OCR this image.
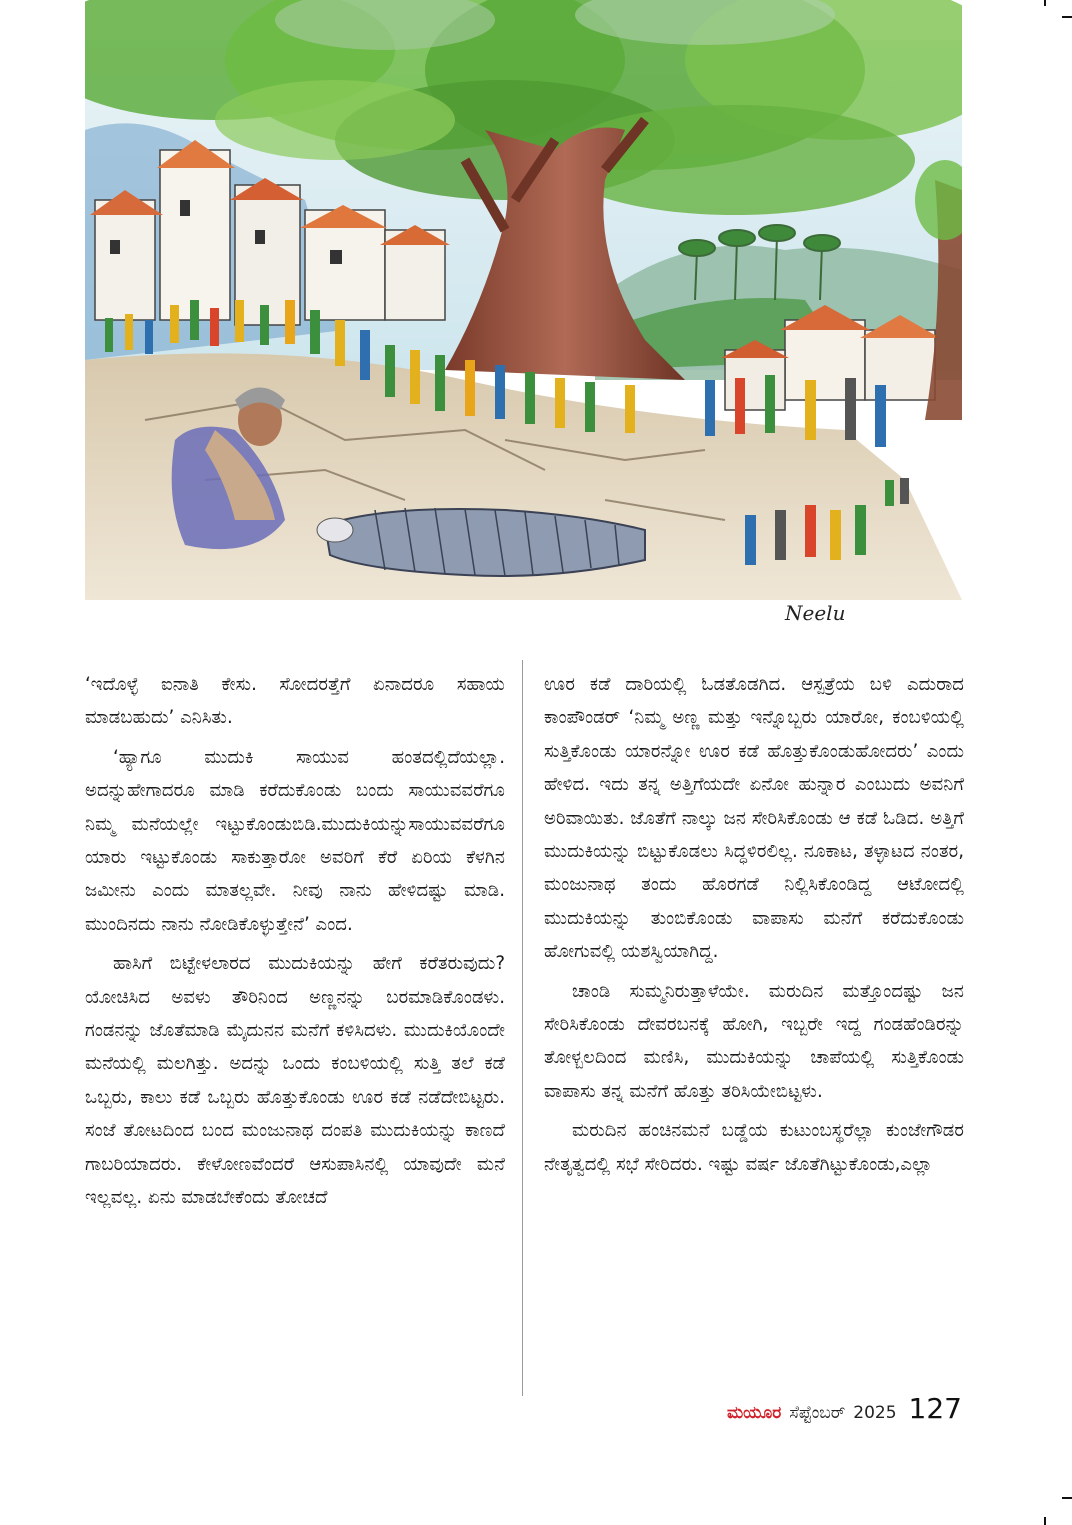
Neelu

‘ಇದೊಳ್ಳೆ ಐನಾತಿ ಕೇಸು. ಸೋದರತ್ತೆಗೆ ಏನಾದರೂ ಸಹಾಯ ಮಾಡಬಹುದು’ ಎನಿಸಿತು.

‘ಹ್ಯಾಗೂ ಮುದುಕಿ ಸಾಯುವ ಹಂತದಲ್ಲಿದೆಯಲ್ಲಾ. ಅದನ್ನುಹೇಗಾದರೂ ಮಾಡಿ ಕರೆದುಕೊಂಡು ಬಂದು ಸಾಯುವವರೆಗೂ ನಿಮ್ಮ ಮನೆಯಲ್ಲೇ ಇಟ್ಟುಕೊಂಡುಬಿಡಿ.ಮುದುಕಿಯನ್ನುಸಾಯುವವರೆಗೂ ಯಾರು ಇಟ್ಟುಕೊಂಡು ಸಾಕುತ್ತಾರೋ ಅವರಿಗೆ ಕೆರೆ ಏರಿಯ ಕೆಳಗಿನ ಜಮೀನು ಎಂದು ಮಾತಲ್ಲವೇ. ನೀವು ನಾನು ಹೇಳಿದಷ್ಟು ಮಾಡಿ. ಮುಂದಿನದು ನಾನು ನೋಡಿಕೊಳ್ಳುತ್ತೇನೆ’ ಎಂದ.

ಹಾಸಿಗೆ ಬಿಟ್ಟೇಳಲಾರದ ಮುದುಕಿಯನ್ನು ಹೇಗೆ ಕರೆತರುವುದು? ಯೋಚಿಸಿದ ಅವಳು ತೌರಿನಿಂದ ಅಣ್ಣನನ್ನು ಬರಮಾಡಿಕೊಂಡಳು. ಗಂಡನನ್ನು ಜೊತೆಮಾಡಿ ಮೈದುನನ ಮನೆಗೆ ಕಳಿಸಿದಳು. ಮುದುಕಿಯೊಂದೇ ಮನೆಯಲ್ಲಿ ಮಲಗಿತ್ತು. ಅದನ್ನು ಒಂದು ಕಂಬಳಿಯಲ್ಲಿ ಸುತ್ತಿ ತಲೆ ಕಡೆ ಒಬ್ಬರು, ಕಾಲು ಕಡೆ ಒಬ್ಬರು ಹೊತ್ತುಕೊಂಡು ಊರ ಕಡೆ ನಡೆದೇಬಿಟ್ಟರು. ಸಂಜೆ ತೋಟದಿಂದ ಬಂದ ಮಂಜುನಾಥ ದಂಪತಿ ಮುದುಕಿಯನ್ನು ಕಾಣದೆ ಗಾಬರಿಯಾದರು. ಕೇಳೋಣವೆಂದರೆ ಆಸುಪಾಸಿನಲ್ಲಿ ಯಾವುದೇ ಮನೆ ಇಲ್ಲವಲ್ಲ. ಏನು ಮಾಡಬೇಕೆಂದು ತೋಚದೆ

ಊರ ಕಡೆ ದಾರಿಯಲ್ಲಿ ಓಡತೊಡಗಿದ. ಆಸ್ಪತ್ರೆಯ ಬಳಿ ಎದುರಾದ ಕಾಂಪೌಂಡರ್ ‘ನಿಮ್ಮ ಅಣ್ಣ ಮತ್ತು ಇನ್ನೊಬ್ಬರು ಯಾರೋ, ಕಂಬಳಿಯಲ್ಲಿ ಸುತ್ತಿಕೊಂಡು ಯಾರನ್ನೋ ಊರ ಕಡೆ ಹೊತ್ತುಕೊಂಡುಹೋದರು’ ಎಂದು ಹೇಳಿದ. ಇದು ತನ್ನ ಅತ್ತಿಗೆಯದೇ ಏನೋ ಹುನ್ನಾರ ಎಂಬುದು ಅವನಿಗೆ ಅರಿವಾಯಿತು. ಜೊತೆಗೆ ನಾಲ್ಕು ಜನ ಸೇರಿಸಿಕೊಂಡು ಆ ಕಡೆ ಓಡಿದ. ಅತ್ತಿಗೆ ಮುದುಕಿಯನ್ನು ಬಿಟ್ಟುಕೊಡಲು ಸಿದ್ಧಳಿರಲಿಲ್ಲ. ನೂಕಾಟ, ತಳ್ಳಾಟದ ನಂತರ, ಮಂಜುನಾಥ ತಂದು ಹೊರಗಡೆ ನಿಲ್ಲಿಸಿಕೊಂಡಿದ್ದ ಆಟೋದಲ್ಲಿ ಮುದುಕಿಯನ್ನು ತುಂಬಿಕೊಂಡು ವಾಪಾಸು ಮನೆಗೆ ಕರೆದುಕೊಂಡು ಹೋಗುವಲ್ಲಿ ಯಶಸ್ವಿಯಾಗಿದ್ದ.

ಚಾಂಡಿ ಸುಮ್ಮನಿರುತ್ತಾಳೆಯೇ. ಮರುದಿನ ಮತ್ತೊಂದಷ್ಟು ಜನ ಸೇರಿಸಿಕೊಂಡು ದೇವರಬನಕ್ಕೆ ಹೋಗಿ, ಇಬ್ಬರೇ ಇದ್ದ ಗಂಡಹೆಂಡಿರನ್ನು ತೋಳ್ಬಲದಿಂದ ಮಣಿಸಿ, ಮುದುಕಿಯನ್ನು ಚಾಪೆಯಲ್ಲಿ ಸುತ್ತಿಕೊಂಡು ವಾಪಾಸು ತನ್ನ ಮನೆಗೆ ಹೊತ್ತು ತರಿಸಿಯೇಬಿಟ್ಟಳು.

ಮರುದಿನ ಹಂಚಿನಮನೆ ಬಡ್ಡೆಯ ಕುಟುಂಬಸ್ಥರೆಲ್ಲಾ ಕುಂಜೇಗೌಡರ ನೇತೃತ್ವದಲ್ಲಿ ಸಭೆ ಸೇರಿದರು. ಇಷ್ಟು ವರ್ಷ ಜೊತೆಗಿಟ್ಟುಕೊಂಡು,ಎಲ್ಲಾ

ಮಯೂರ ಸೆಪ್ಟೆಂಬರ್ 2025 127
